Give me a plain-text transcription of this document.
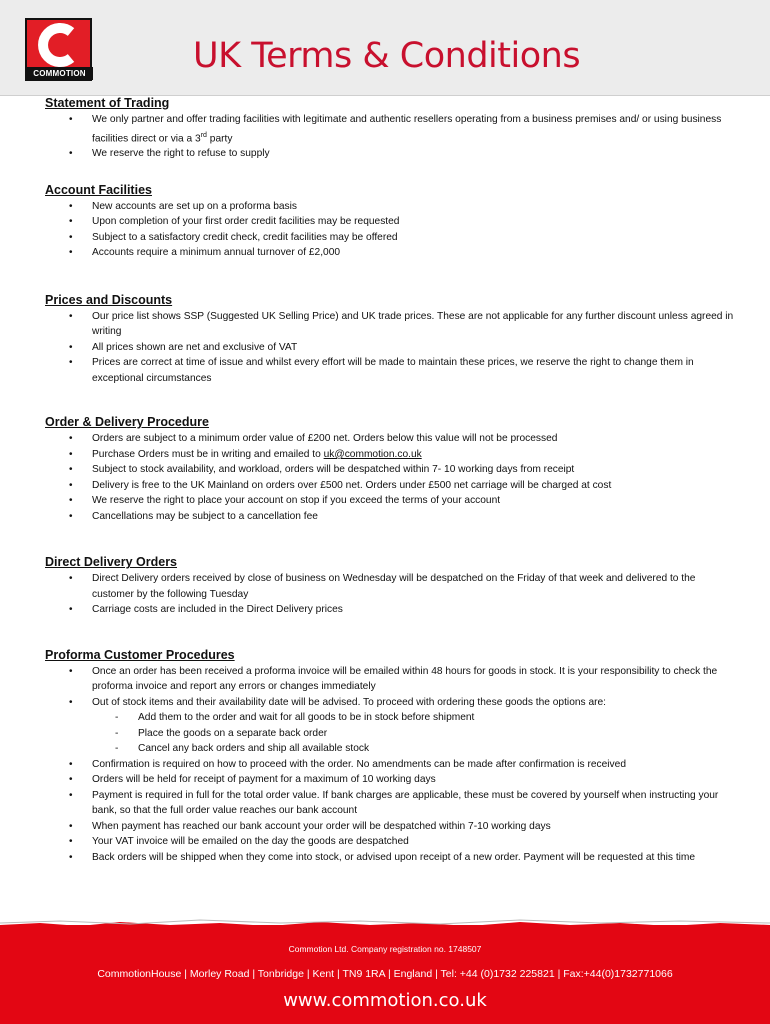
COMMOTION	UK Terms & Conditions
Statement of Trading
• We only partner and offer trading facilities with legitimate and authentic resellers operating from a business premises and/ or using business facilities direct or via a 3rd party
• We reserve the right to refuse to supply
Account Facilities
• New accounts are set up on a proforma basis
• Upon completion of your first order credit facilities may be requested
• Subject to a satisfactory credit check, credit facilities may be offered
• Accounts require a minimum annual turnover of £2,000
Prices and Discounts
• Our price list shows SSP (Suggested UK Selling Price) and UK trade prices. These are not applicable for any further discount unless agreed in writing
• All prices shown are net and exclusive of VAT
• Prices are correct at time of issue and whilst every effort will be made to maintain these prices, we reserve the right to change them in exceptional circumstances
Order & Delivery Procedure
• Orders are subject to a minimum order value of £200 net. Orders below this value will not be processed
• Purchase Orders must be in writing and emailed to uk@commotion.co.uk
• Subject to stock availability, and workload, orders will be despatched within 7- 10 working days from receipt
• Delivery is free to the UK Mainland on orders over £500 net. Orders under £500 net carriage will be charged at cost
• We reserve the right to place your account on stop if you exceed the terms of your account
• Cancellations may be subject to a cancellation fee
Direct Delivery Orders
• Direct Delivery orders received by close of business on Wednesday will be despatched on the Friday of that week and delivered to the customer by the following Tuesday
• Carriage costs are included in the Direct Delivery prices
Proforma Customer Procedures
• Once an order has been received a proforma invoice will be emailed within 48 hours for goods in stock. It is your responsibility to check the proforma invoice and report any errors or changes immediately
• Out of stock items and their availability date will be advised. To proceed with ordering these goods the options are:
- Add them to the order and wait for all goods to be in stock before shipment
- Place the goods on a separate back order
- Cancel any back orders and ship all available stock
• Confirmation is required on how to proceed with the order. No amendments can be made after confirmation is received
• Orders will be held for receipt of payment for a maximum of 10 working days
• Payment is required in full for the total order value. If bank charges are applicable, these must be covered by yourself when instructing your bank, so that the full order value reaches our bank account
• When payment has reached our bank account your order will be despatched within 7-10 working days
• Your VAT invoice will be emailed on the day the goods are despatched
• Back orders will be shipped when they come into stock, or advised upon receipt of a new order. Payment will be requested at this time
Commotion Ltd. Company registration no. 1748507
CommotionHouse | Morley Road | Tonbridge | Kent | TN9 1RA | England | Tel: +44 (0)1732 225821 | Fax:+44(0)1732771066
www.commotion.co.uk
